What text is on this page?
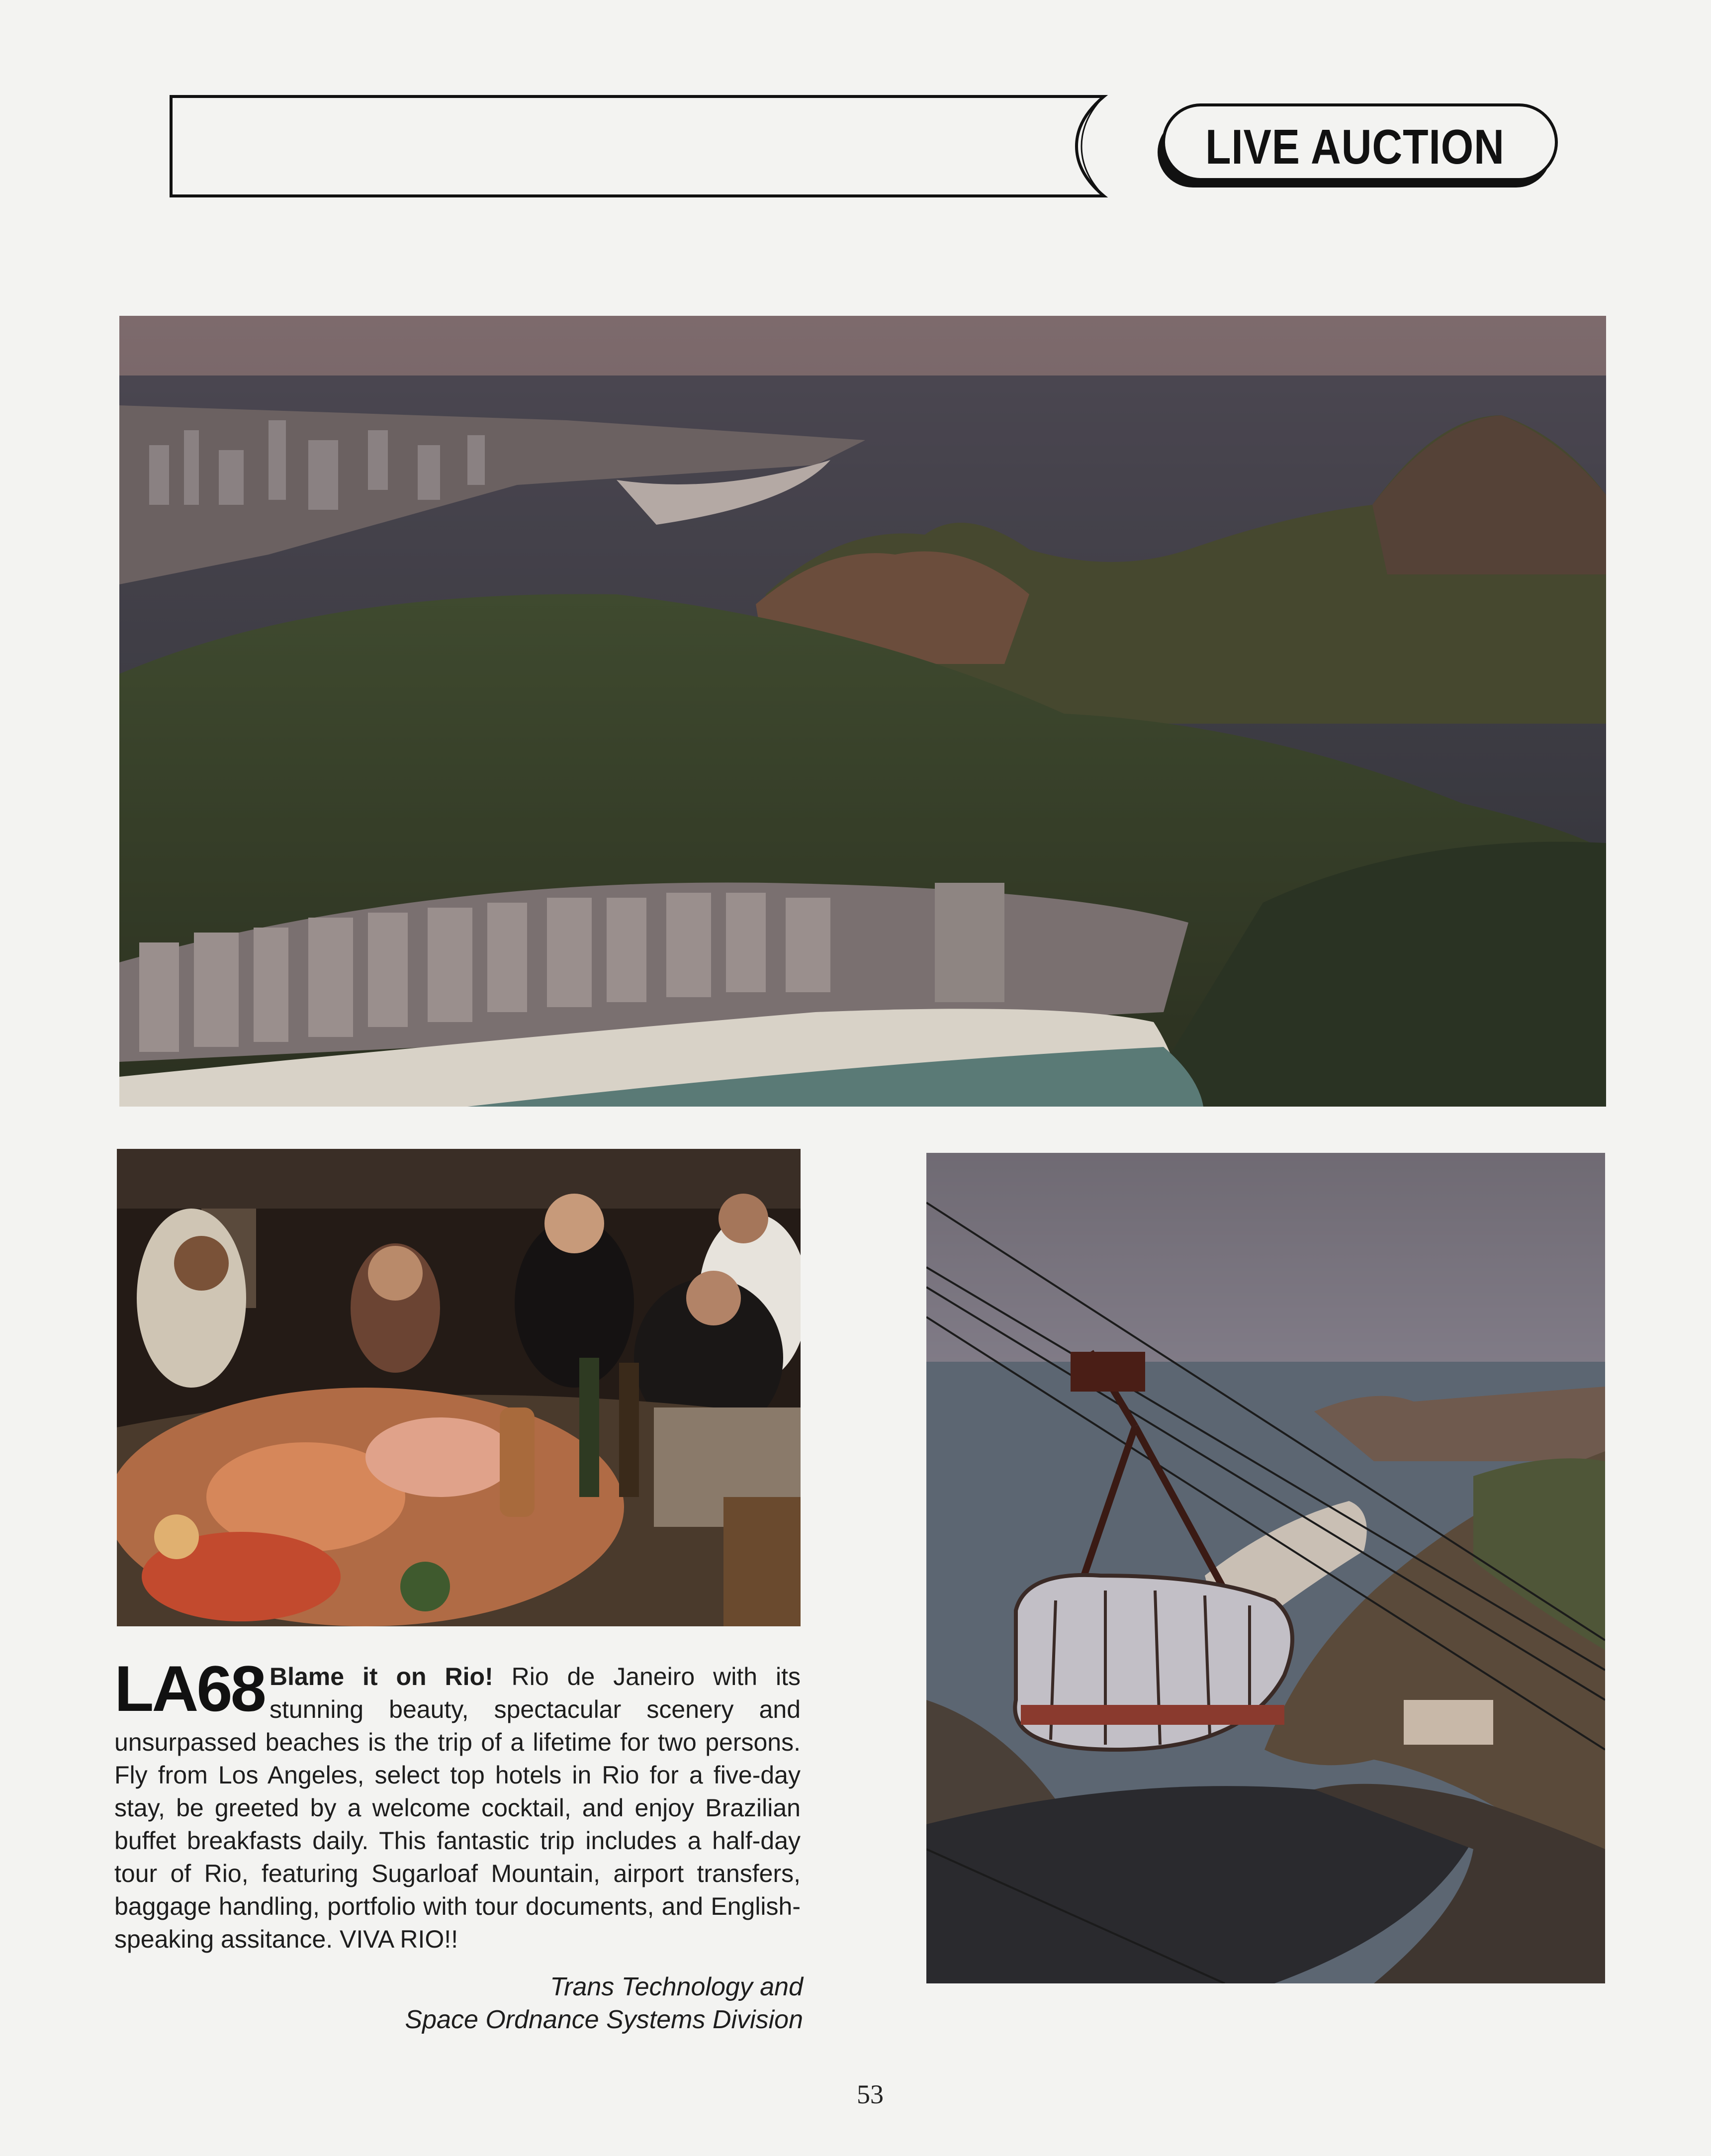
LIVE AUCTION
LA68 Blame it on Rio! Rio de Janeiro with its stunning beauty, spectacular scenery and unsurpassed beaches is the trip of a lifetime for two persons. Fly from Los Angeles, select top hotels in Rio for a five-day stay, be greeted by a welcome cocktail, and enjoy Brazilian buffet breakfasts daily. This fantastic trip includes a half-day tour of Rio, featuring Sugarloaf Mountain, airport transfers, baggage handling, portfolio with tour documents, and English-speaking assitance. VIVA RIO!!
Trans Technology and
Space Ordnance Systems Division
53
